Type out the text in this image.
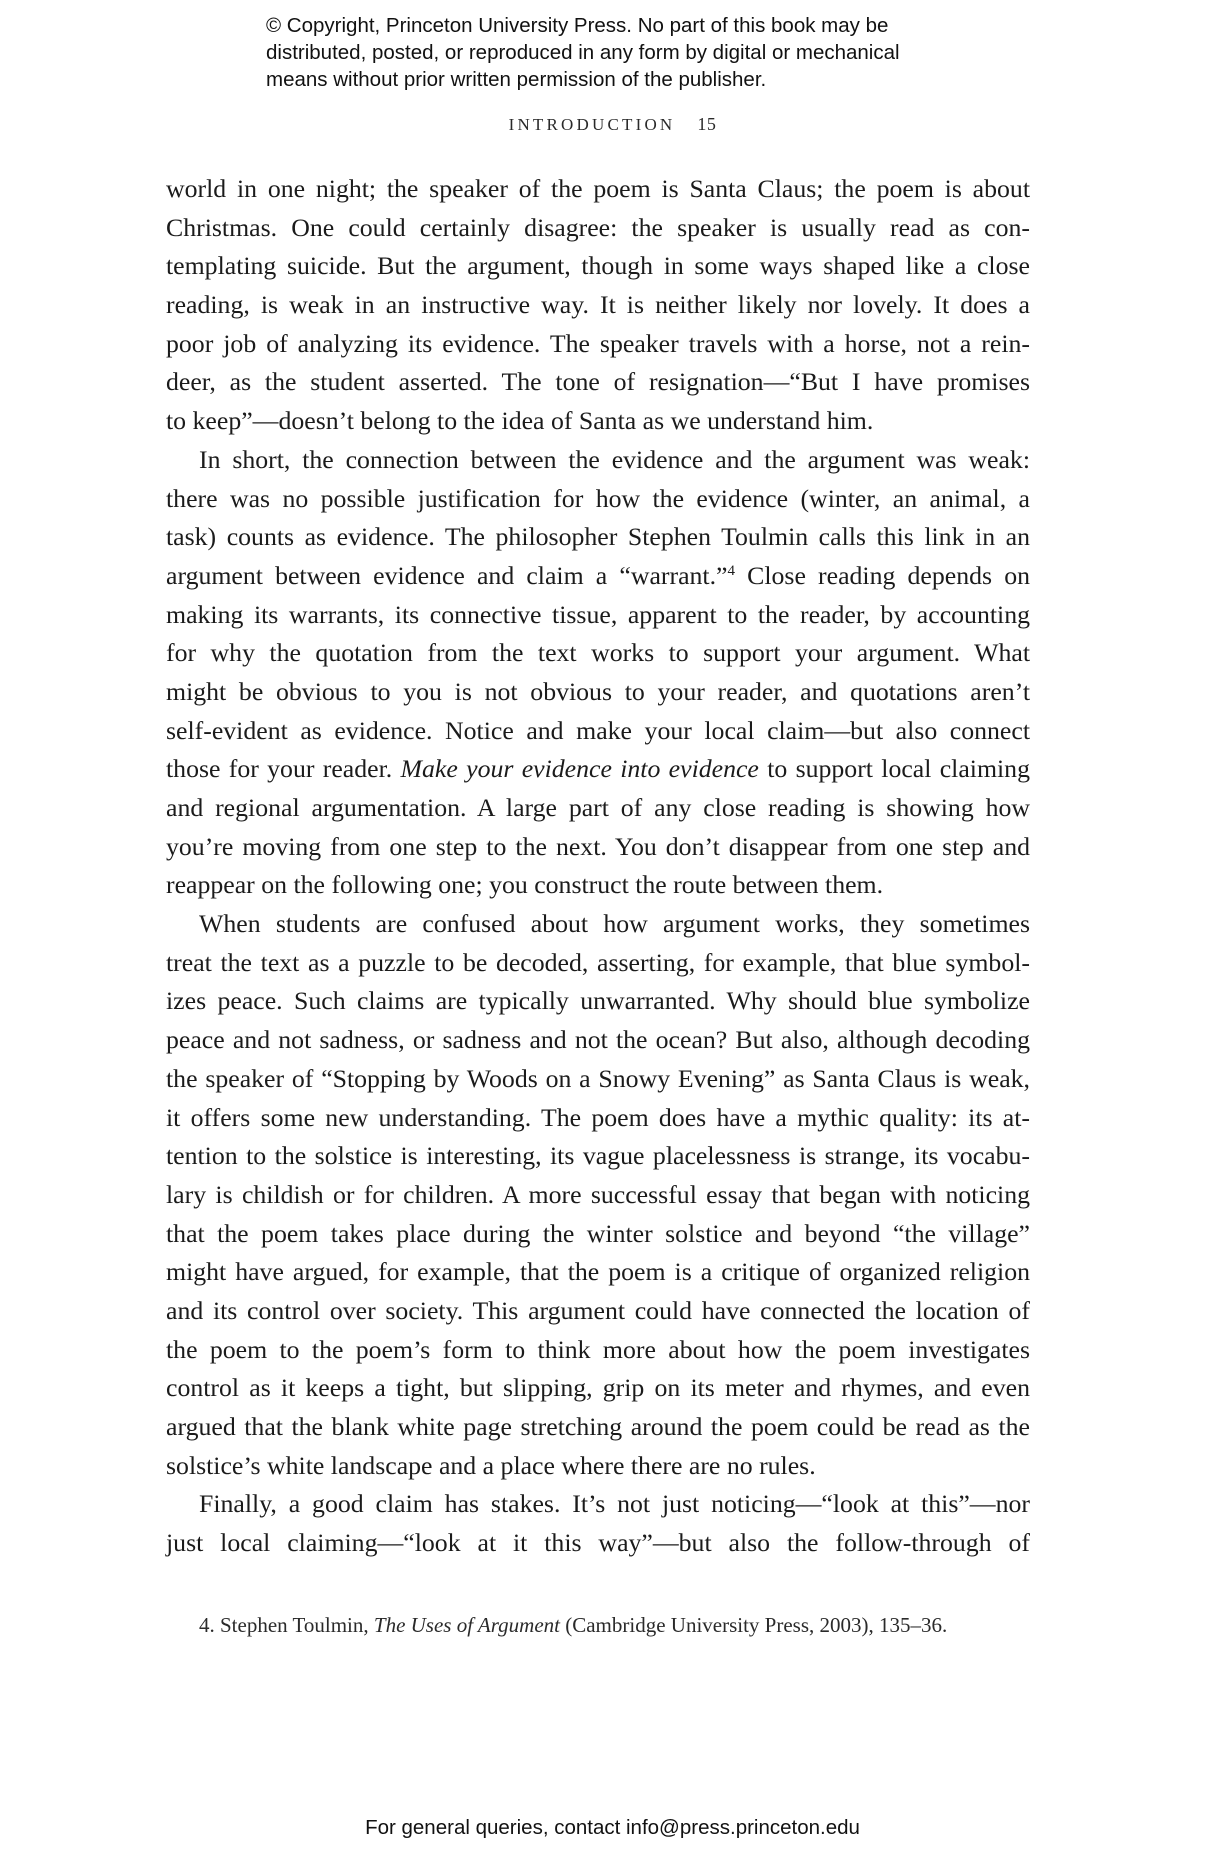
© Copyright, Princeton University Press. No part of this book may be
distributed, posted, or reproduced in any form by digital or mechanical
means without prior written permission of the publisher.
INTRODUCTION 15
world in one night; the speaker of the poem is Santa Claus; the poem is about
Christmas. One could certainly disagree: the speaker is usually read as con-
templating suicide. But the argument, though in some ways shaped like a close
reading, is weak in an instructive way. It is neither likely nor lovely. It does a
poor job of analyzing its evidence. The speaker travels with a horse, not a rein-
deer, as the student asserted. The tone of resignation—“But I have promises
to keep”—doesn’t belong to the idea of Santa as we understand him.
In short, the connection between the evidence and the argument was weak:
there was no possible justification for how the evidence (winter, an animal, a
task) counts as evidence. The philosopher Stephen Toulmin calls this link in an
argument between evidence and claim a “warrant.”$^4$ Close reading depends on
making its warrants, its connective tissue, apparent to the reader, by accounting
for why the quotation from the text works to support your argument. What
might be obvious to you is not obvious to your reader, and quotations aren’t
self-evident as evidence. Notice and make your local claim—but also connect
those for your reader. Make your evidence into evidence to support local claiming
and regional argumentation. A large part of any close reading is showing how
you’re moving from one step to the next. You don’t disappear from one step and
reappear on the following one; you construct the route between them.
When students are confused about how argument works, they sometimes
treat the text as a puzzle to be decoded, asserting, for example, that blue symbol-
izes peace. Such claims are typically unwarranted. Why should blue symbolize
peace and not sadness, or sadness and not the ocean? But also, although decoding
the speaker of “Stopping by Woods on a Snowy Evening” as Santa Claus is weak,
it offers some new understanding. The poem does have a mythic quality: its at-
tention to the solstice is interesting, its vague placelessness is strange, its vocabu-
lary is childish or for children. A more successful essay that began with noticing
that the poem takes place during the winter solstice and beyond “the village”
might have argued, for example, that the poem is a critique of organized religion
and its control over society. This argument could have connected the location of
the poem to the poem’s form to think more about how the poem investigates
control as it keeps a tight, but slipping, grip on its meter and rhymes, and even
argued that the blank white page stretching around the poem could be read as the
solstice’s white landscape and a place where there are no rules.
Finally, a good claim has stakes. It’s not just noticing—“look at this”—nor
just local claiming—“look at it this way”—but also the follow-through of
4. Stephen Toulmin, The Uses of Argument (Cambridge University Press, 2003), 135–36.
For general queries, contact info@press.princeton.edu
